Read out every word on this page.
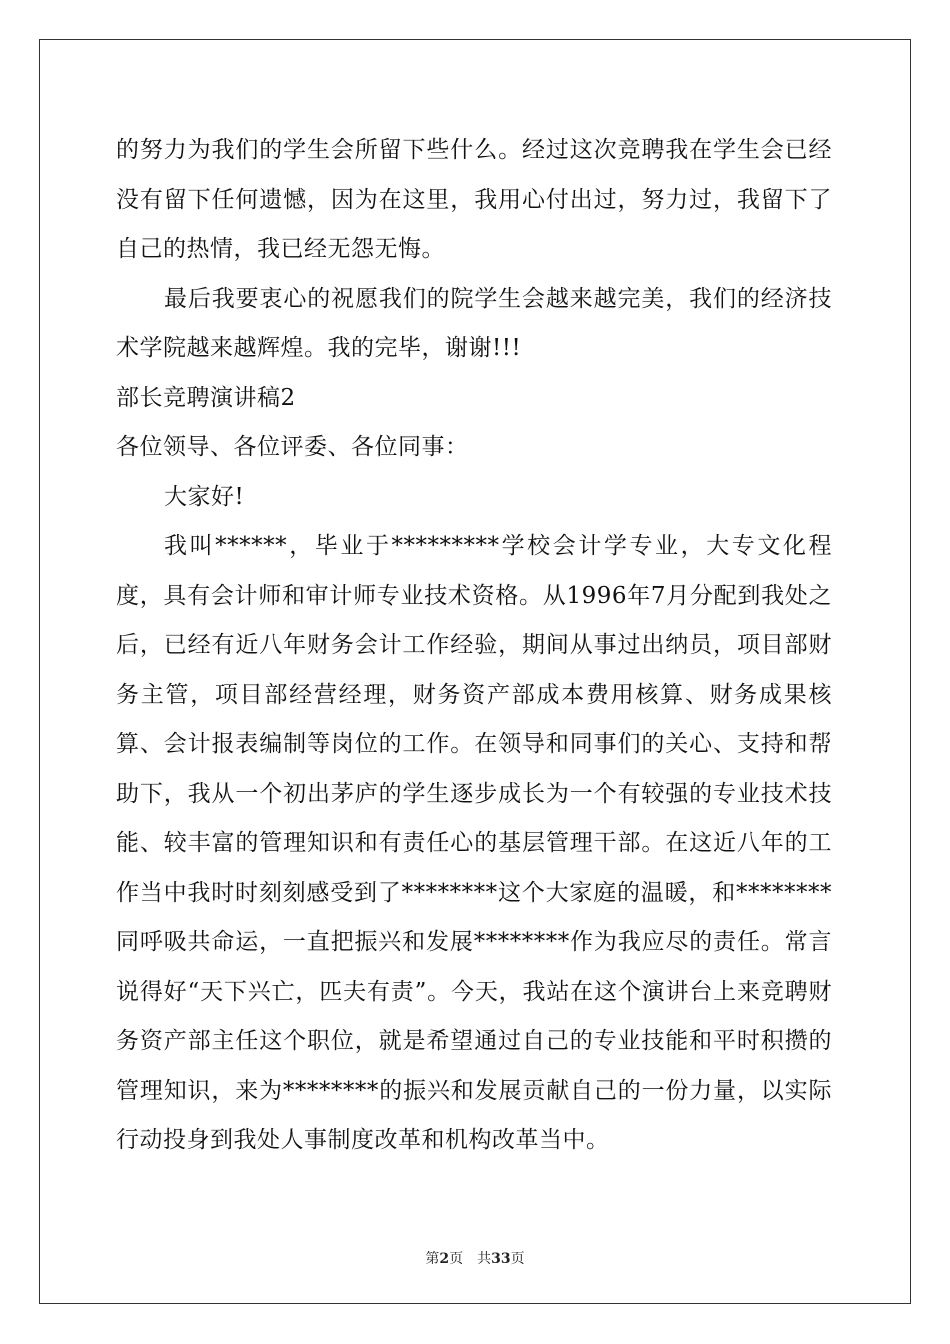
的努力为我们的学生会所留下些什么。经过这次竞聘我在学生会已经没有留下任何遗憾，因为在这里，我用心付出过，努力过，我留下了自己的热情，我已经无怨无悔。

最后我要衷心的祝愿我们的院学生会越来越完美，我们的经济技术学院越来越辉煌。我的完毕，谢谢!!!

部长竞聘演讲稿2

各位领导、各位评委、各位同事：

大家好!

我叫******，毕业于*********学校会计学专业，大专文化程度，具有会计师和审计师专业技术资格。从1996年7月分配到我处之后，已经有近八年财务会计工作经验，期间从事过出纳员，项目部财务主管，项目部经营经理，财务资产部成本费用核算、财务成果核算、会计报表编制等岗位的工作。在领导和同事们的关心、支持和帮助下，我从一个初出茅庐的学生逐步成长为一个有较强的专业技术技能、较丰富的管理知识和有责任心的基层管理干部。在这近八年的工作当中我时时刻刻感受到了********这个大家庭的温暖，和********同呼吸共命运，一直把振兴和发展********作为我应尽的责任。常言说得好“天下兴亡，匹夫有责”。今天，我站在这个演讲台上来竞聘财务资产部主任这个职位，就是希望通过自己的专业技能和平时积攒的管理知识，来为********的振兴和发展贡献自己的一份力量，以实际行动投身到我处人事制度改革和机构改革当中。

第2页 共33页
